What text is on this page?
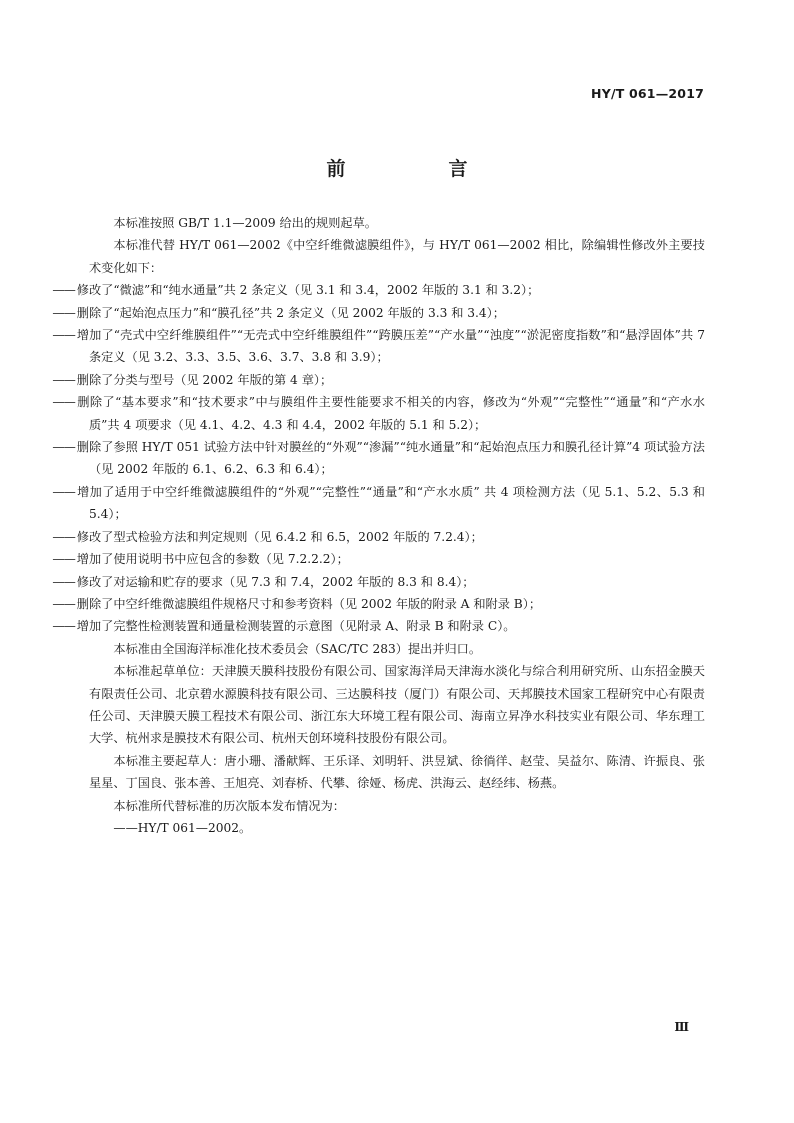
HY/T 061—2017
前　言

本标准按照 GB/T 1.1—2009 给出的规则起草。

本标准代替 HY/T 061—2002《中空纤维微滤膜组件》，与 HY/T 061—2002 相比，除编辑性修改外主要技术变化如下：

—— 修改了“微滤”和“纯水通量”共 2 条定义（见 3.1 和 3.4，2002 年版的 3.1 和 3.2）；

—— 删除了“起始泡点压力”和“膜孔径”共 2 条定义（见 2002 年版的 3.3 和 3.4）；

—— 增加了“壳式中空纤维膜组件”“无壳式中空纤维膜组件”“跨膜压差”“产水量”“浊度”“淤泥密度指数”和“悬浮固体”共 7 条定义（见 3.2、3.3、3.5、3.6、3.7、3.8 和 3.9）；

—— 删除了分类与型号（见 2002 年版的第 4 章）；

—— 删除了“基本要求”和“技术要求”中与膜组件主要性能要求不相关的内容，修改为“外观”“完整性”“通量”和“产水水质”共 4 项要求（见 4.1、4.2、4.3 和 4.4，2002 年版的 5.1 和 5.2）；

—— 删除了参照 HY/T 051 试验方法中针对膜丝的“外观”“渗漏”“纯水通量”和“起始泡点压力和膜孔径计算”4 项试验方法（见 2002 年版的 6.1、6.2、6.3 和 6.4）；

—— 增加了适用于中空纤维微滤膜组件的“外观”“完整性”“通量”和“产水水质” 共 4 项检测方法（见 5.1、5.2、5.3 和 5.4）；

—— 修改了型式检验方法和判定规则（见 6.4.2 和 6.5，2002 年版的 7.2.4）；

—— 增加了使用说明书中应包含的参数（见 7.2.2.2）；

—— 修改了对运输和贮存的要求（见 7.3 和 7.4，2002 年版的 8.3 和 8.4）；

—— 删除了中空纤维微滤膜组件规格尺寸和参考资料（见 2002 年版的附录 A 和附录 B）；

—— 增加了完整性检测装置和通量检测装置的示意图（见附录 A、附录 B 和附录 C）。

本标准由全国海洋标准化技术委员会（SAC/TC 283）提出并归口。

本标准起草单位：天津膜天膜科技股份有限公司、国家海洋局天津海水淡化与综合利用研究所、山东招金膜天有限责任公司、北京碧水源膜科技有限公司、三达膜科技（厦门）有限公司、天邦膜技术国家工程研究中心有限责任公司、天津膜天膜工程技术有限公司、浙江东大环境工程有限公司、海南立昇净水科技实业有限公司、华东理工大学、杭州求是膜技术有限公司、杭州天创环境科技股份有限公司。

本标准主要起草人：唐小珊、潘献辉、王乐译、刘明轩、洪昱斌、徐徜徉、赵莹、吴益尔、陈清、许振良、张星星、丁国良、张本善、王旭亮、刘春桥、代攀、徐娅、杨虎、洪海云、赵经纬、杨燕。

本标准所代替标准的历次版本发布情况为：

——HY/T 061—2002。

Ⅲ
